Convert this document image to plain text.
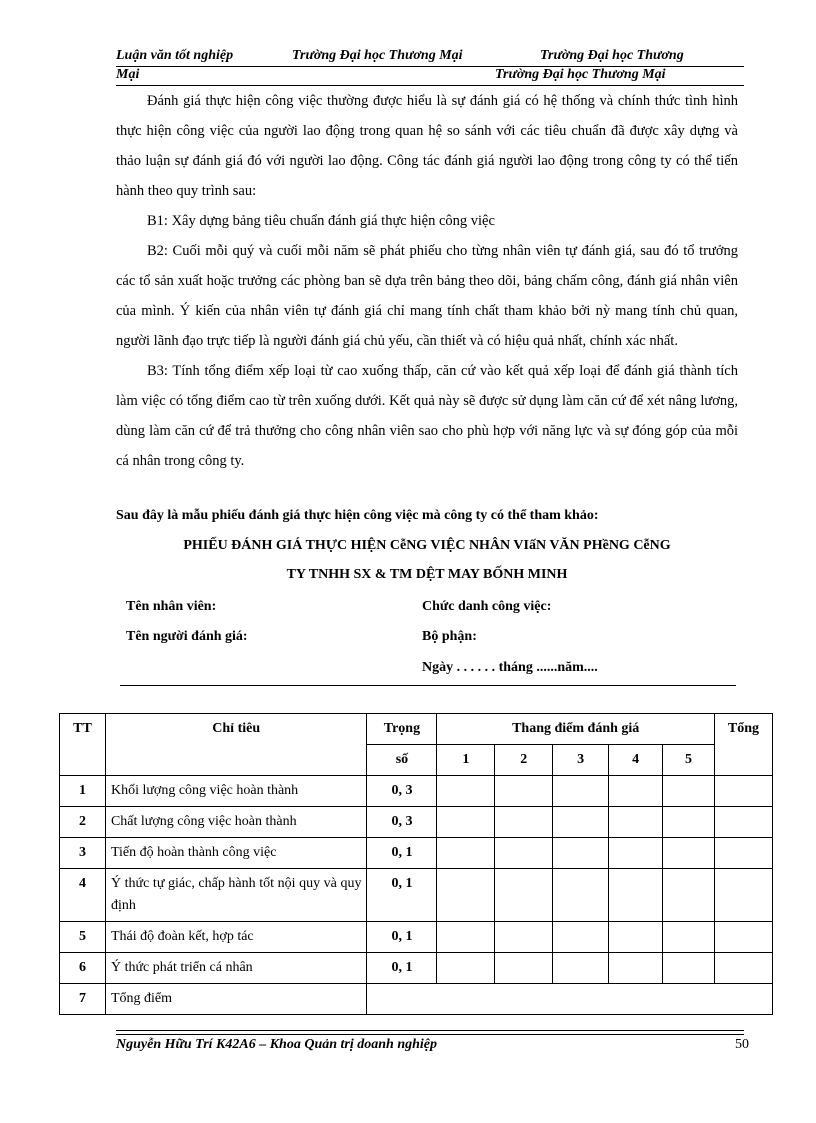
Luận văn tốt nghiệp	Trường Đại học Thương Mại	Trường Đại học Thương
Mại	Trường Đại học Thương Mại

Đánh giá thực hiện công việc thường được hiểu là sự đánh giá có hệ thống và chính thức tình hình thực hiện công việc của người lao động trong quan hệ so sánh với các tiêu chuẩn đã được xây dựng và thảo luận sự đánh giá đó với người lao động. Công tác đánh giá người lao động trong công ty có thể tiến hành theo quy trình sau:

B1: Xây dựng bảng tiêu chuẩn đánh giá thực hiện công việc

B2: Cuối mỗi quý và cuối mỗi năm sẽ phát phiếu cho từng nhân viên tự đánh giá, sau đó tổ trưởng các tổ sản xuất hoặc trưởng các phòng ban sẽ dựa trên bảng theo dõi, bảng chấm công, đánh giá nhân viên của mình. Ý kiến của nhân viên tự đánh giá chỉ mang tính chất tham khảo bởi nỳ mang tính chủ quan, người lãnh đạo trực tiếp là người đánh giá chủ yếu, cần thiết và có hiệu quả nhất, chính xác nhất.

B3: Tính tổng điểm xếp loại từ cao xuống thấp, căn cứ vào kết quả xếp loại để đánh giá thành tích làm việc có tổng điểm cao từ trên xuống dưới. Kết quả này sẽ được sử dụng làm căn cứ để xét nâng lương, dùng làm căn cứ để trả thưởng cho công nhân viên sao cho phù hợp với năng lực và sự đóng góp của mỗi cá nhân trong công ty.

Sau đây là mẫu phiếu đánh giá thực hiện công việc mà công ty có thể tham khảo:
PHIẾU ĐÁNH GIÁ THỰC HIỆN CễNG VIỆC NHÂN VIấN VĂN PHềNG CễNG
TY TNHH SX & TM DỆT MAY BỐNH MINH
Tên nhân viên:	Chức danh công việc:
Tên người đánh giá:	Bộ phận:
Ngày . . . . . . tháng ......năm....
TT	Chỉ tiêu	Trọng	Thang điểm đánh giá					Tổng
		số	1	2	3	4	5	
1	Khối lượng công việc hoàn thành	0, 3						
2	Chất lượng công việc hoàn thành	0, 3						
3	Tiến độ hoàn thành công việc	0, 1						
4	Ý thức tự giác, chấp hành tốt nội quy và quy định	0, 1						
5	Thái độ đoàn kết, hợp tác	0, 1						
6	Ý thức phát triển cá nhân	0, 1						
7	Tổng điểm							
Nguyễn Hữu Trí K42A6 – Khoa Quản trị doanh nghiệp	50
